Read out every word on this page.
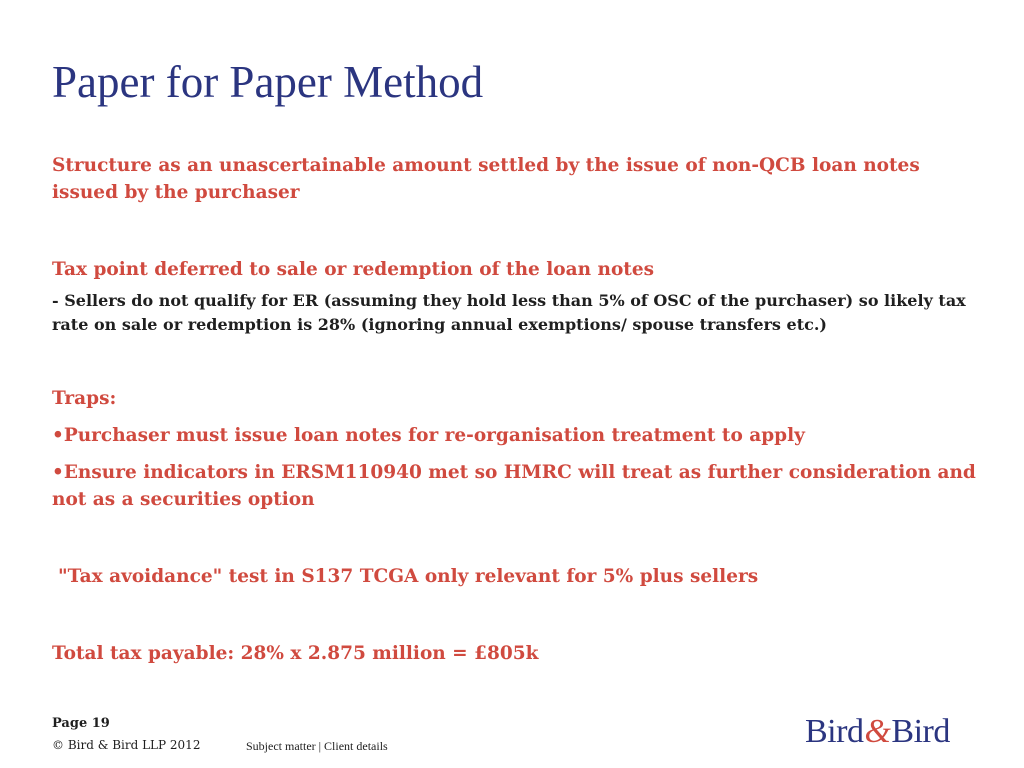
Paper for Paper Method

Structure as an unascertainable amount settled by the issue of non-QCB loan notes issued by the purchaser

Tax point deferred to sale or redemption of the loan notes

- Sellers do not qualify for ER (assuming they hold less than 5% of OSC of the purchaser) so likely tax rate on sale or redemption is 28% (ignoring annual exemptions/ spouse transfers etc.)

Traps:

•Purchaser must issue loan notes for re-organisation treatment to apply

•Ensure indicators in ERSM110940 met so HMRC will treat as further consideration and not as a securities option

"Tax avoidance" test in S137 TCGA only relevant for 5% plus sellers

Total tax payable: 28% x 2.875 million = £805k

Page 19
© Bird & Bird LLP 2012	Subject matter | Client details	Bird&Bird
